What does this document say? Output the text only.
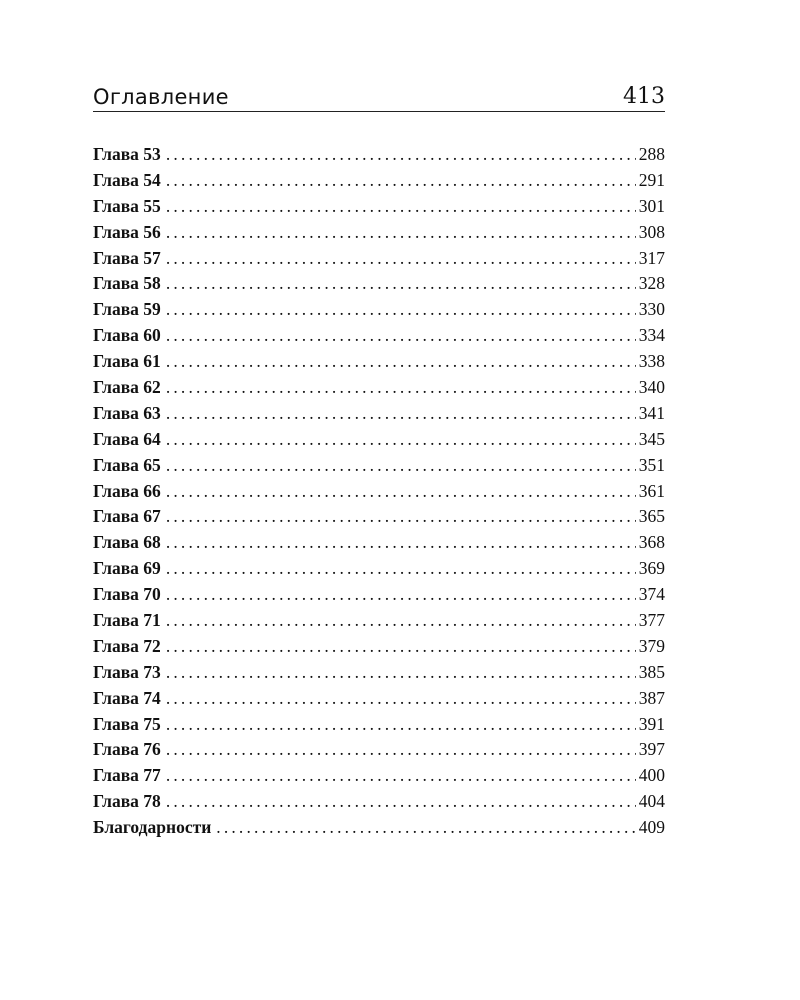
Оглавление	413
Глава 53 . . .	288
Глава 54 . . .	291
Глава 55 . . .	301
Глава 56 . . .	308
Глава 57 . . .	317
Глава 58 . . .	328
Глава 59 . . .	330
Глава 60 . . .	334
Глава 61 . . .	338
Глава 62 . . .	340
Глава 63 . . .	341
Глава 64 . . .	345
Глава 65 . . .	351
Глава 66 . . .	361
Глава 67 . . .	365
Глава 68 . . .	368
Глава 69 . . .	369
Глава 70 . . .	374
Глава 71 . . .	377
Глава 72 . . .	379
Глава 73 . . .	385
Глава 74 . . .	387
Глава 75 . . .	391
Глава 76 . . .	397
Глава 77 . . .	400
Глава 78 . . .	404
Благодарности . . .	409
